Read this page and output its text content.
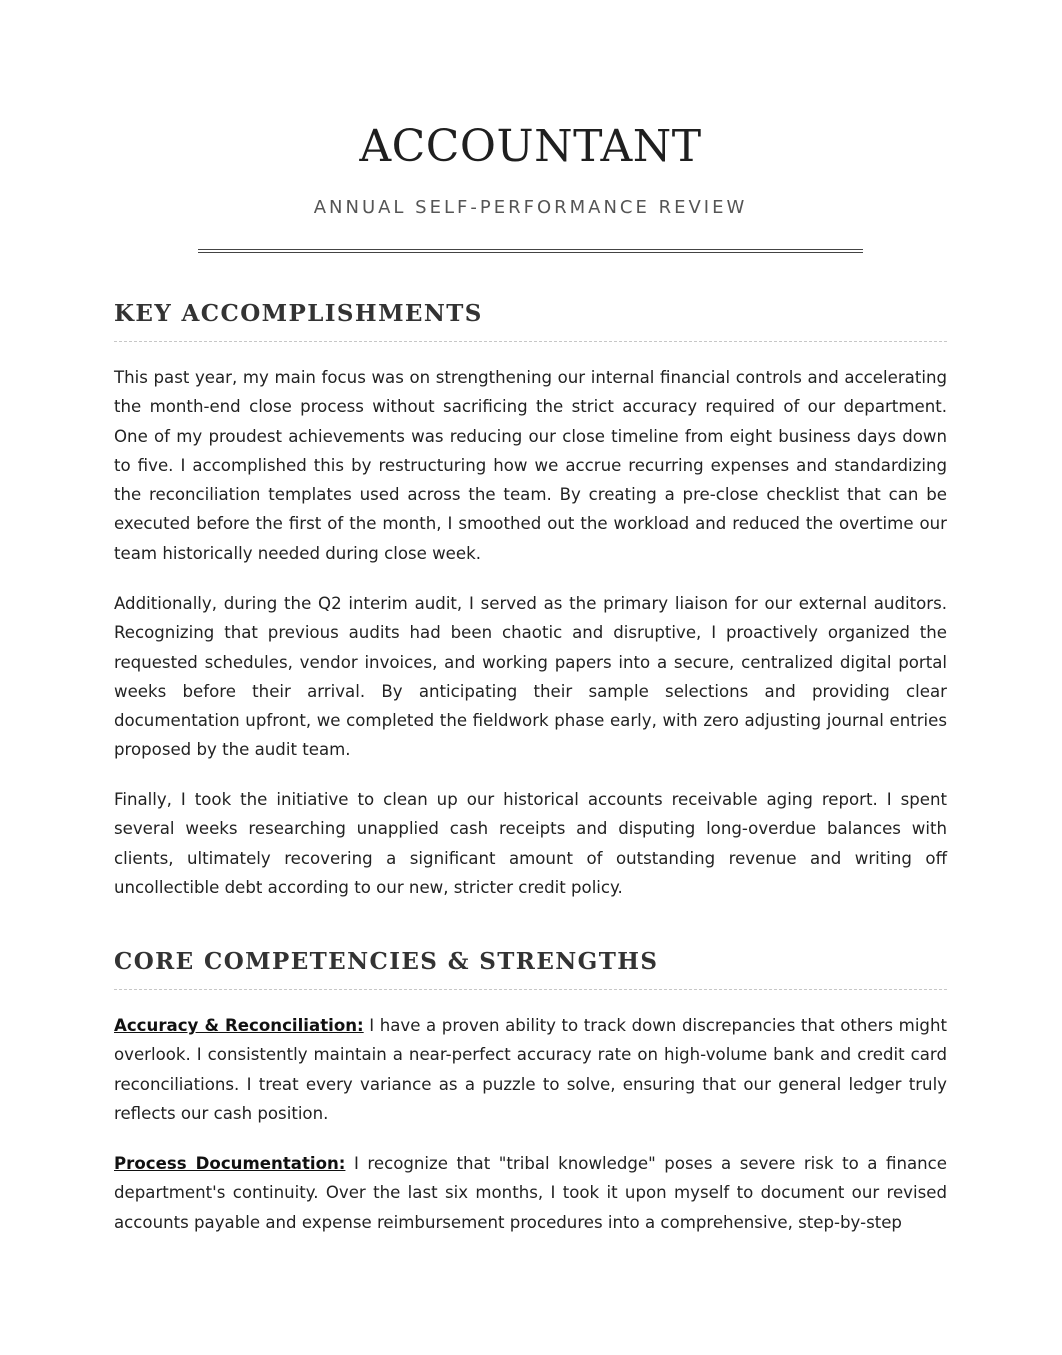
ACCOUNTANT
ANNUAL SELF-PERFORMANCE REVIEW
KEY ACCOMPLISHMENTS

This past year, my main focus was on strengthening our internal financial controls and accelerating the month-end close process without sacrificing the strict accuracy required of our department. One of my proudest achievements was reducing our close timeline from eight business days down to five. I accomplished this by restructuring how we accrue recurring expenses and standardizing the reconciliation templates used across the team. By creating a pre-close checklist that can be executed before the first of the month, I smoothed out the workload and reduced the overtime our team historically needed during close week.

Additionally, during the Q2 interim audit, I served as the primary liaison for our external auditors. Recognizing that previous audits had been chaotic and disruptive, I proactively organized the requested schedules, vendor invoices, and working papers into a secure, centralized digital portal weeks before their arrival. By anticipating their sample selections and providing clear documentation upfront, we completed the fieldwork phase early, with zero adjusting journal entries proposed by the audit team.

Finally, I took the initiative to clean up our historical accounts receivable aging report. I spent several weeks researching unapplied cash receipts and disputing long-overdue balances with clients, ultimately recovering a significant amount of outstanding revenue and writing off uncollectible debt according to our new, stricter credit policy.

CORE COMPETENCIES & STRENGTHS

Accuracy & Reconciliation: I have a proven ability to track down discrepancies that others might overlook. I consistently maintain a near-perfect accuracy rate on high-volume bank and credit card reconciliations. I treat every variance as a puzzle to solve, ensuring that our general ledger truly reflects our cash position.

Process Documentation: I recognize that "tribal knowledge" poses a severe risk to a finance department's continuity. Over the last six months, I took it upon myself to document our revised accounts payable and expense reimbursement procedures into a comprehensive, step-by-step
